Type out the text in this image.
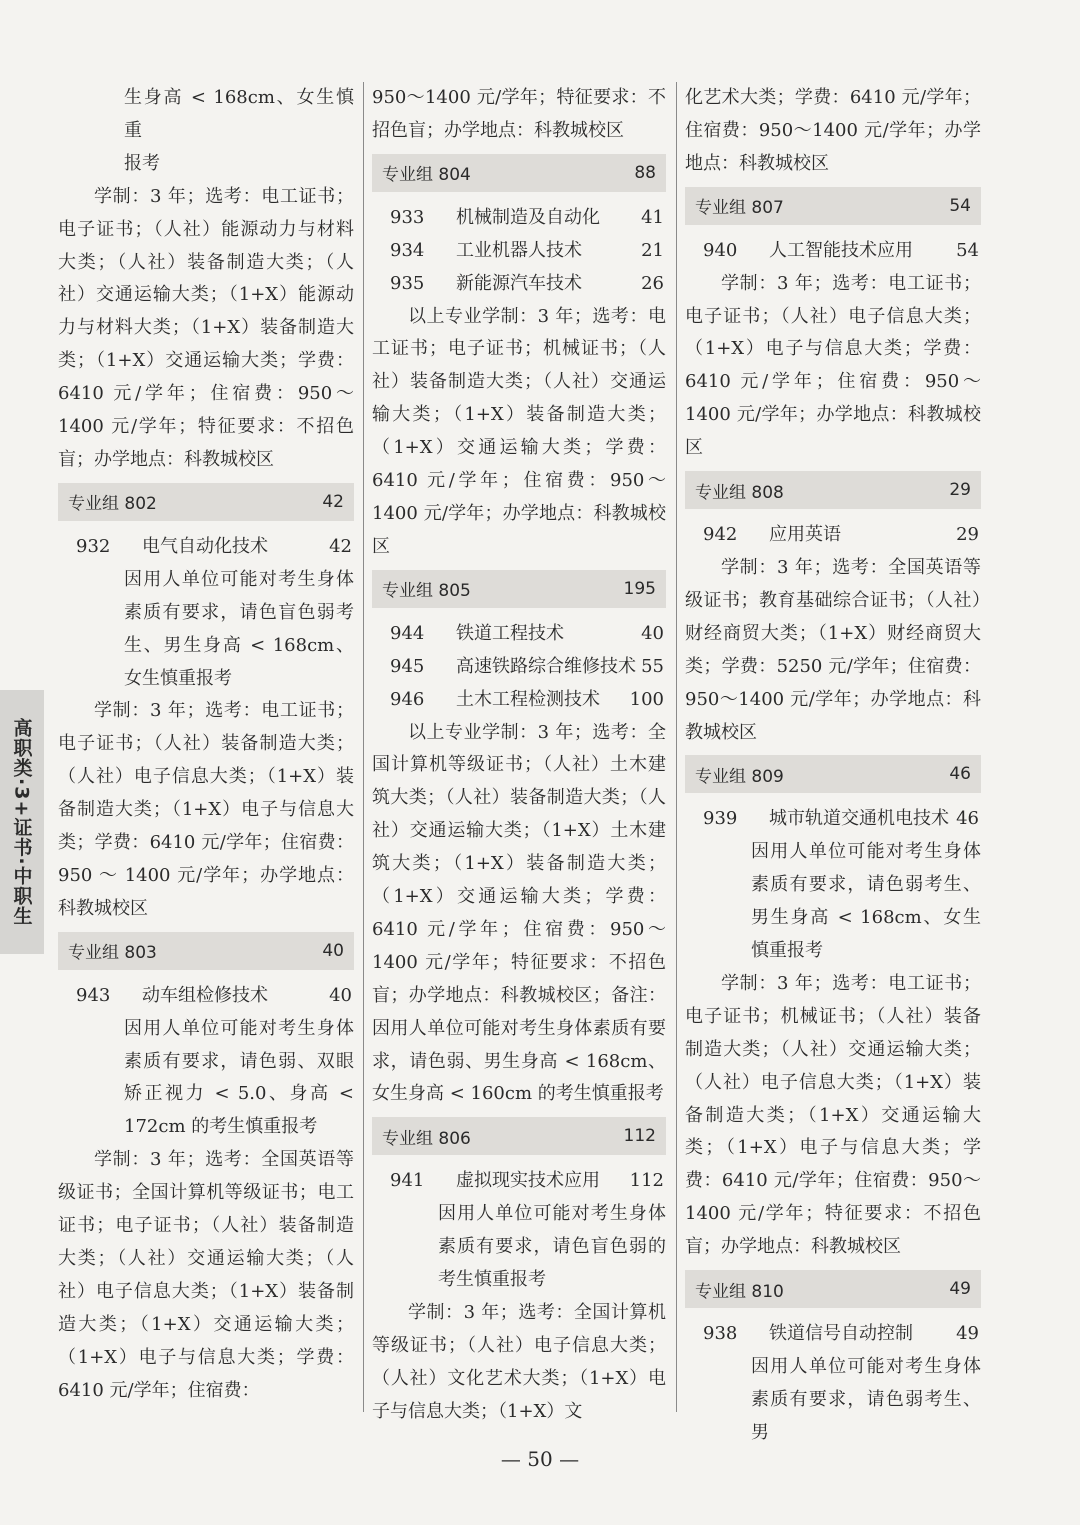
高职类·3+证书·中职生

生身高 < 168cm、女生慎重

报考

学制：3 年；选考：电工证书；电子证书；（人社）能源动力与材料大类；（人社）装备制造大类；（人社）交通运输大类；（1+X）能源动力与材料大类；（1+X）装备制造大类；（1+X）交通运输大类；学费：6410 元/学年；住宿费：950～1400 元/学年；特征要求：不招色盲；办学地点：科教城校区

专业组 802	42
932	电气自动化技术	42

因用人单位可能对考生身体素质有要求，请色盲色弱考生、男生身高 < 168cm、女生慎重报考

学制：3 年；选考：电工证书；电子证书；（人社）装备制造大类；（人社）电子信息大类；（1+X）装备制造大类；（1+X）电子与信息大类；学费：6410 元/学年；住宿费：950 ～ 1400 元/学年；办学地点：科教城校区

专业组 803	40
943	动车组检修技术	40

因用人单位可能对考生身体素质有要求，请色弱、双眼矫正视力 < 5.0、身高 < 172cm 的考生慎重报考

学制：3 年；选考：全国英语等级证书；全国计算机等级证书；电工证书；电子证书；（人社）装备制造大类；（人社）交通运输大类；（人社）电子信息大类；（1+X）装备制造大类；（1+X）交通运输大类；（1+X）电子与信息大类；学费：6410 元/学年；住宿费：

950～1400 元/学年；特征要求：不招色盲；办学地点：科教城校区

专业组 804	88
933	机械制造及自动化	41
934	工业机器人技术	21
935	新能源汽车技术	26

以上专业学制：3 年；选考：电工证书；电子证书；机械证书；（人社）装备制造大类；（人社）交通运输大类；（1+X）装备制造大类；（1+X）交通运输大类；学费：6410 元/学年；住宿费：950～1400 元/学年；办学地点：科教城校区

专业组 805	195
944	铁道工程技术	40
945	高速铁路综合维修技术 55
946	土木工程检测技术	100

以上专业学制：3 年；选考：全国计算机等级证书；（人社）土木建筑大类；（人社）装备制造大类；（人社）交通运输大类；（1+X）土木建筑大类；（1+X）装备制造大类；（1+X）交通运输大类；学费：6410 元/学年；住宿费：950～1400 元/学年；特征要求：不招色盲；办学地点：科教城校区；备注：因用人单位可能对考生身体素质有要求，请色弱、男生身高 < 168cm、女生身高 < 160cm 的考生慎重报考

专业组 806	112
941	虚拟现实技术应用	112

因用人单位可能对考生身体素质有要求，请色盲色弱的考生慎重报考

学制：3 年；选考：全国计算机等级证书；（人社）电子信息大类；（人社）文化艺术大类；（1+X）电子与信息大类；（1+X）文

化艺术大类；学费：6410 元/学年；住宿费：950～1400 元/学年；办学地点：科教城校区

专业组 807	54
940	人工智能技术应用	54

学制：3 年；选考：电工证书；电子证书；（人社）电子信息大类；（1+X）电子与信息大类；学费：6410 元/学年；住宿费：950～1400 元/学年；办学地点：科教城校区

专业组 808	29
942	应用英语	29

学制：3 年；选考：全国英语等级证书；教育基础综合证书；（人社）财经商贸大类；（1+X）财经商贸大类；学费：5250 元/学年；住宿费：950～1400 元/学年；办学地点：科教城校区

专业组 809	46
939	城市轨道交通机电技术 46

因用人单位可能对考生身体素质有要求，请色弱考生、男生身高 < 168cm、女生慎重报考

学制：3 年；选考：电工证书；电子证书；机械证书；（人社）装备制造大类；（人社）交通运输大类；（人社）电子信息大类；（1+X）装备制造大类；（1+X）交通运输大类；（1+X）电子与信息大类；学费：6410 元/学年；住宿费：950～1400 元/学年；特征要求：不招色盲；办学地点：科教城校区

专业组 810	49
938	铁道信号自动控制	49

因用人单位可能对考生身体素质有要求，请色弱考生、男

— 50 —
